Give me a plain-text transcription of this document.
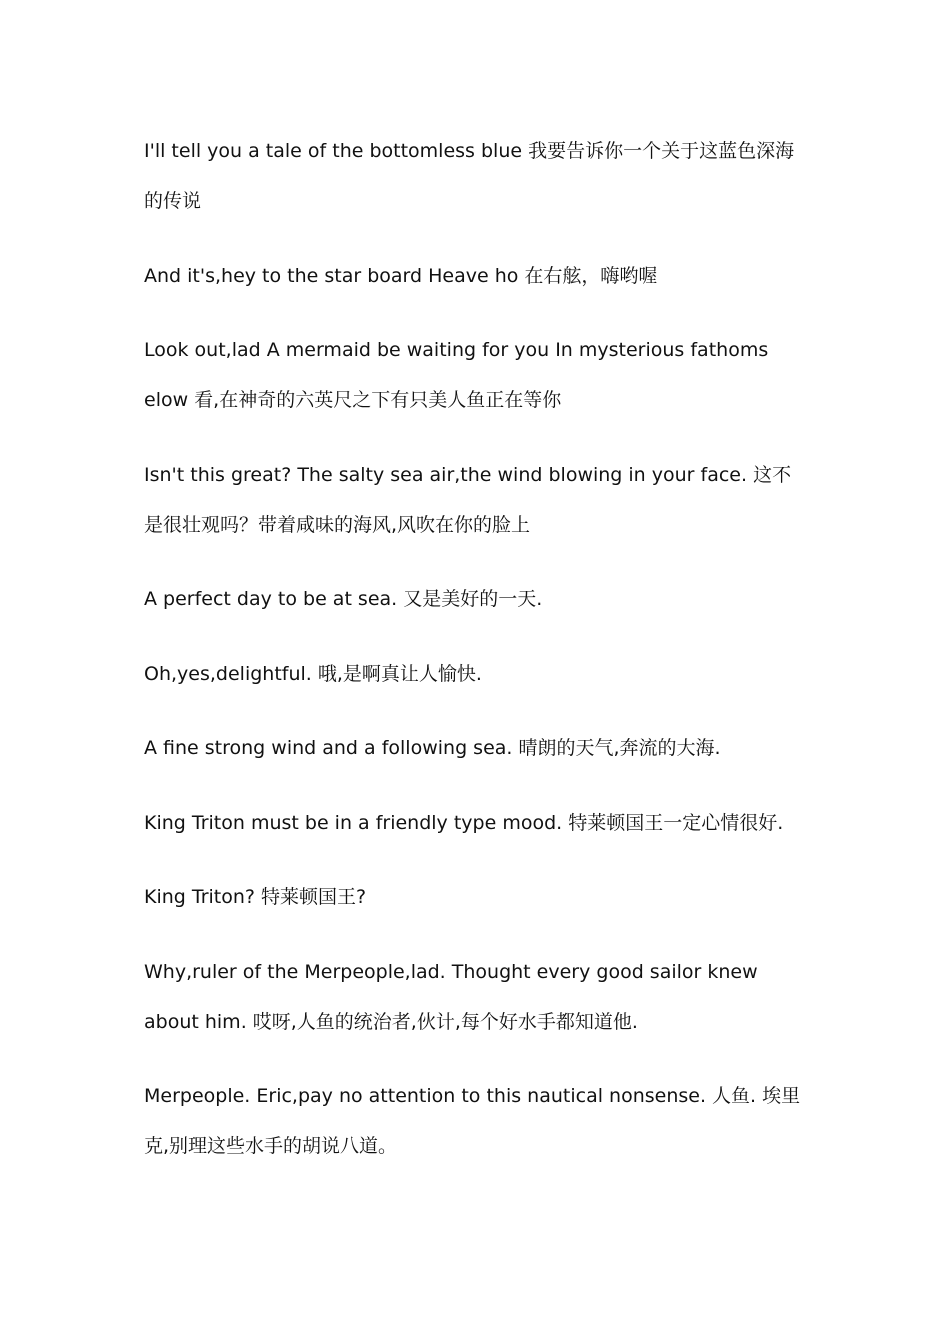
I'll tell you a tale of the bottomless blue 我要告诉你一个关于这蓝色深海的传说

And it's,hey to the star board Heave ho 在右舷，嗨哟喔

Look out,lad A mermaid be waiting for you In mysterious fathoms elow 看,在神奇的六英尺之下有只美人鱼正在等你

Isn't this great? The salty sea air,the wind blowing in your face. 这不是很壮观吗？带着咸味的海风,风吹在你的脸上

A perfect day to be at sea. 又是美好的一天.

Oh,yes,delightful. 哦,是啊真让人愉快.

A fine strong wind and a following sea. 晴朗的天气,奔流的大海.

King Triton must be in a friendly type mood. 特莱顿国王一定心情很好.

King Triton? 特莱顿国王?

Why,ruler of the Merpeople,lad. Thought every good sailor knew about him. 哎呀,人鱼的统治者,伙计,每个好水手都知道他.

Merpeople. Eric,pay no attention to this nautical nonsense. 人鱼. 埃里克,别理这些水手的胡说八道。
